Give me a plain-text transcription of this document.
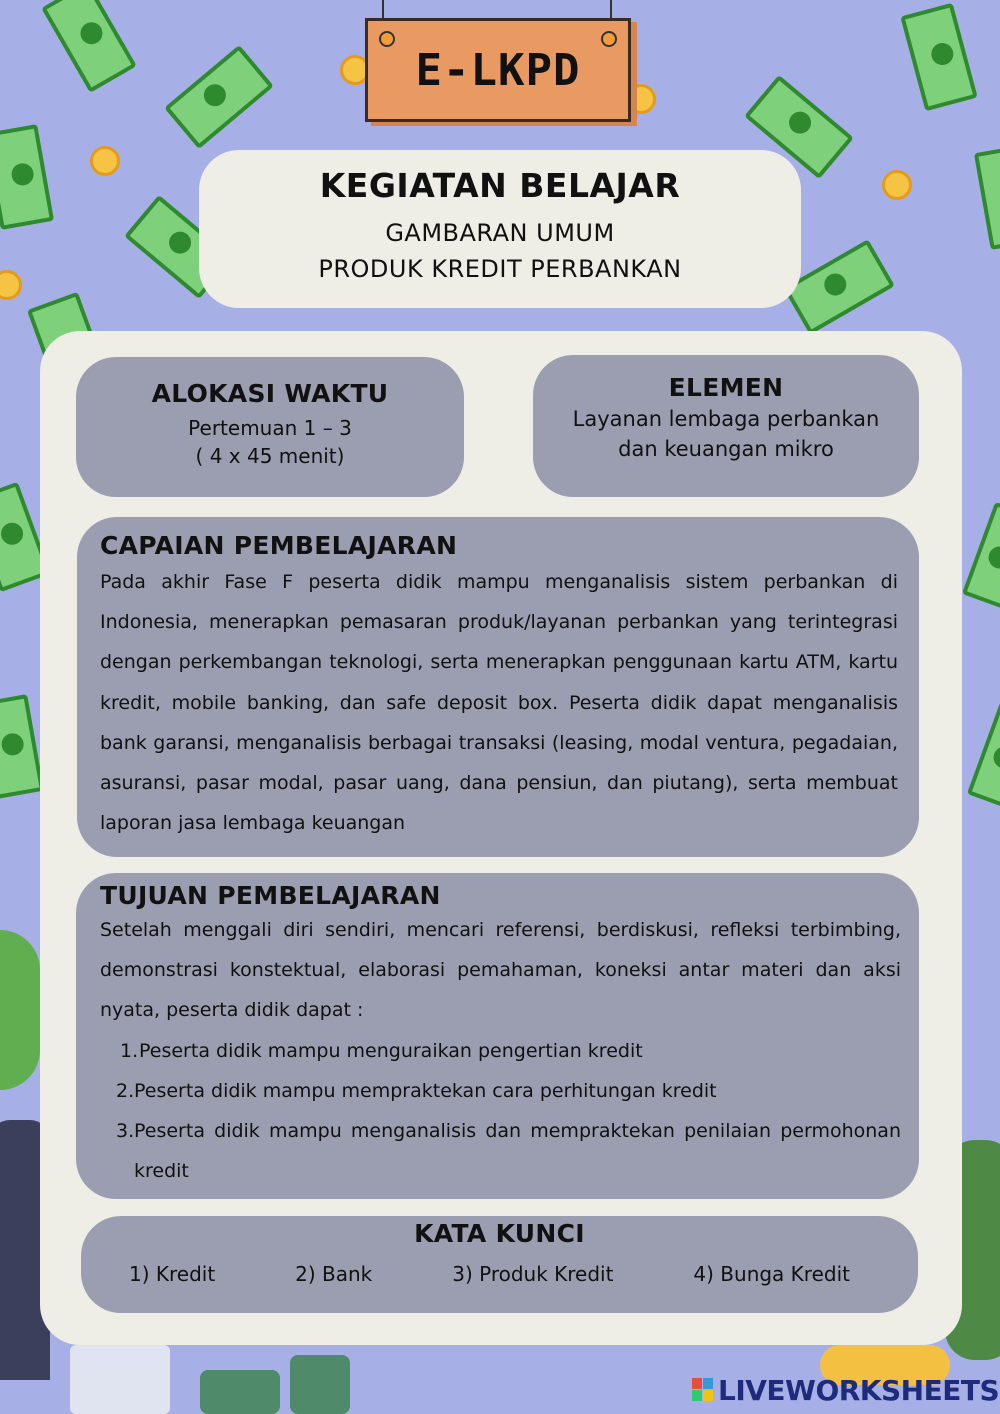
E-LKPD
KEGIATAN BELAJAR
GAMBARAN UMUM
PRODUK KREDIT PERBANKAN
ALOKASI WAKTU
Pertemuan 1 – 3
( 4 x 45 menit)
ELEMEN
Layanan lembaga perbankan
dan keuangan mikro
CAPAIAN PEMBELAJARAN

Pada akhir Fase F peserta didik mampu menganalisis sistem perbankan di Indonesia, menerapkan pemasaran produk/layanan perbankan yang terintegrasi dengan perkembangan teknologi, serta menerapkan penggunaan kartu ATM, kartu kredit, mobile banking, dan safe deposit box. Peserta didik dapat menganalisis bank garansi, menganalisis berbagai transaksi (leasing, modal ventura, pegadaian, asuransi, pasar modal, pasar uang, dana pensiun, dan piutang), serta membuat laporan jasa lembaga keuangan

TUJUAN PEMBELAJARAN

Setelah menggali diri sendiri, mencari referensi, berdiskusi, refleksi terbimbing, demonstrasi konstektual, elaborasi pemahaman, koneksi antar materi dan aksi nyata, peserta didik dapat :

1. Peserta didik mampu menguraikan pengertian kredit
2. Peserta didik mampu mempraktekan cara perhitungan kredit
3. Peserta didik mampu menganalisis dan mempraktekan penilaian permohonan kredit
KATA KUNCI
1) Kredit	2) Bank	3) Produk Kredit	4) Bunga Kredit
LIVEWORKSHEETS
